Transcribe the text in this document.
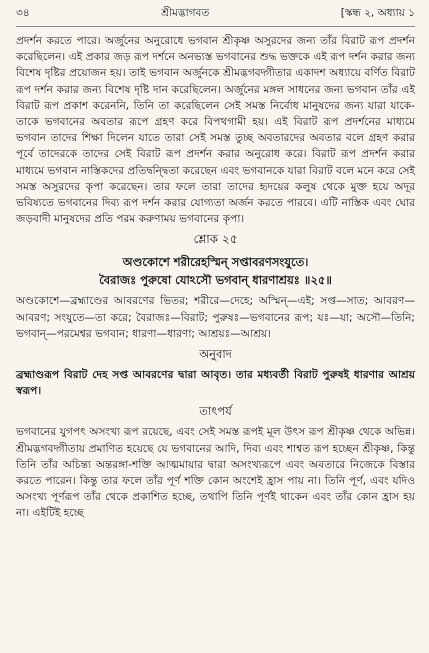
৩৪	শ্রীমদ্ভাগবত	[স্কন্ধ ২, অধ্যায় ১

প্রদর্শন করতে পারে। অর্জুনের অনুরোধে ভগবান শ্রীকৃষ্ণ অসুরদের জন্য তাঁর বিরাট রূপ প্রদর্শন করেছিলেন। এই প্রকার জড় রূপ দর্শনে অনভ্যস্ত ভগবানের শুদ্ধ ভক্তকে এই রূপ দর্শন করার জন্য বিশেষ দৃষ্টির প্রয়োজন হয়। তাই ভগবান অর্জুনকে শ্রীমদ্ভগবদ্গীতার একাদশ অধ্যায়ে বর্ণিত বিরাট রূপ দর্শন করার জন্য বিশেষ দৃষ্টি দান করেছিলেন। অর্জুনের মঙ্গল সাধনের জন্য ভগবান তাঁর এই বিরাট রূপ প্রকাশ করেননি, তিনি তা করেছিলেন সেই সমস্ত নির্বোধ মানুষদের জন্য যারা যাকে-তাকে ভগবানের অবতার রূপে গ্রহণ করে বিপথগামী হয়। এই বিরাট রূপ প্রদর্শনের মাধ্যমে ভগবান তাদের শিক্ষা দিলেন যাতে তারা সেই সমস্ত তুচ্ছ অবতারদের অবতার বলে গ্রহণ করার পূর্বে তাদেরকে তাদের সেই বিরাট রূপ প্রদর্শন করার অনুরোধ করে। বিরাট রূপ প্রদর্শন করার মাধ্যমে ভগবান নাস্তিকদের প্রতিদ্বন্দ্বিতা করেছেন এবং ভগবানকে যারা বিরাট বলে মনে করে সেই সমস্ত অসুরদের কৃপা করেছেন। তার ফলে তারা তাদের হৃদয়ের কলুষ থেকে মুক্ত হয়ে অদূর ভবিষ্যতে ভগবানের দিব্য রূপ দর্শন করার যোগ্যতা অর্জন করতে পারবে। এটি নাস্তিক এবং ঘোর জড়বাদী মানুষদের প্রতি পরম করুণাময় ভগবানের কৃপা।

শ্লোক ২৫
অণ্ডকোশে শরীরেহস্মিন্ সপ্তাবরণসংযুতে।
বৈরাজঃ পুরুষো যোঽসৌ ভগবান্ ধারণাশ্রয়ঃ ॥২৫॥

অণ্ডকোশে—ব্রহ্মাণ্ডের আবরণের ভিতর; শরীরে—দেহে; অস্মিন্—এই; সপ্ত—সাত; আবরণ—আবরণ; সংযুতে—তা করে; বৈরাজঃ—বিরাট; পুরুষঃ—ভগবানের রূপ; যঃ—যা; অসৌ—তিনি; ভগবান্—পরমেশ্বর ভগবান; ধারণা—ধারণা; আশ্রয়ঃ—আশ্রয়।

অনুবাদ

ব্রহ্মাণ্ডরূপ বিরাট দেহ সপ্ত আবরণের দ্বারা আবৃত। তার মধ্যবর্তী বিরাট পুরুষই ধারণার আশ্রয় স্বরূপ।

তাৎপর্য

ভগবানের যুগপৎ অসংখ্য রূপ রয়েছে, এবং সেই সমস্ত রূপই মূল উৎস রূপ শ্রীকৃষ্ণ থেকে অভিন্ন। শ্রীমদ্ভগবদ্গীতায় প্রমাণিত হয়েছে যে ভগবানের আদি, দিব্য এবং শাশ্বত রূপ হচ্ছেন শ্রীকৃষ্ণ, কিন্তু তিনি তাঁর অচিন্ত্য অন্তরঙ্গা-শক্তি আত্মমায়ার দ্বারা অসংখ্যরূপে এবং অবতারে নিজেকে বিস্তার করতে পারেন। কিন্তু তার ফলে তাঁর পূর্ণ শক্তি কোন অংশেই হ্রাস পায় না। তিনি পূর্ণ, এবং যদিও অসংখ্য পূর্ণরূপ তাঁর থেকে প্রকাশিত হচ্ছে, তথাপি তিনি পূর্ণই থাকেন এবং তাঁর কোন হ্রাস হয় না। এইটিই হচ্ছে
